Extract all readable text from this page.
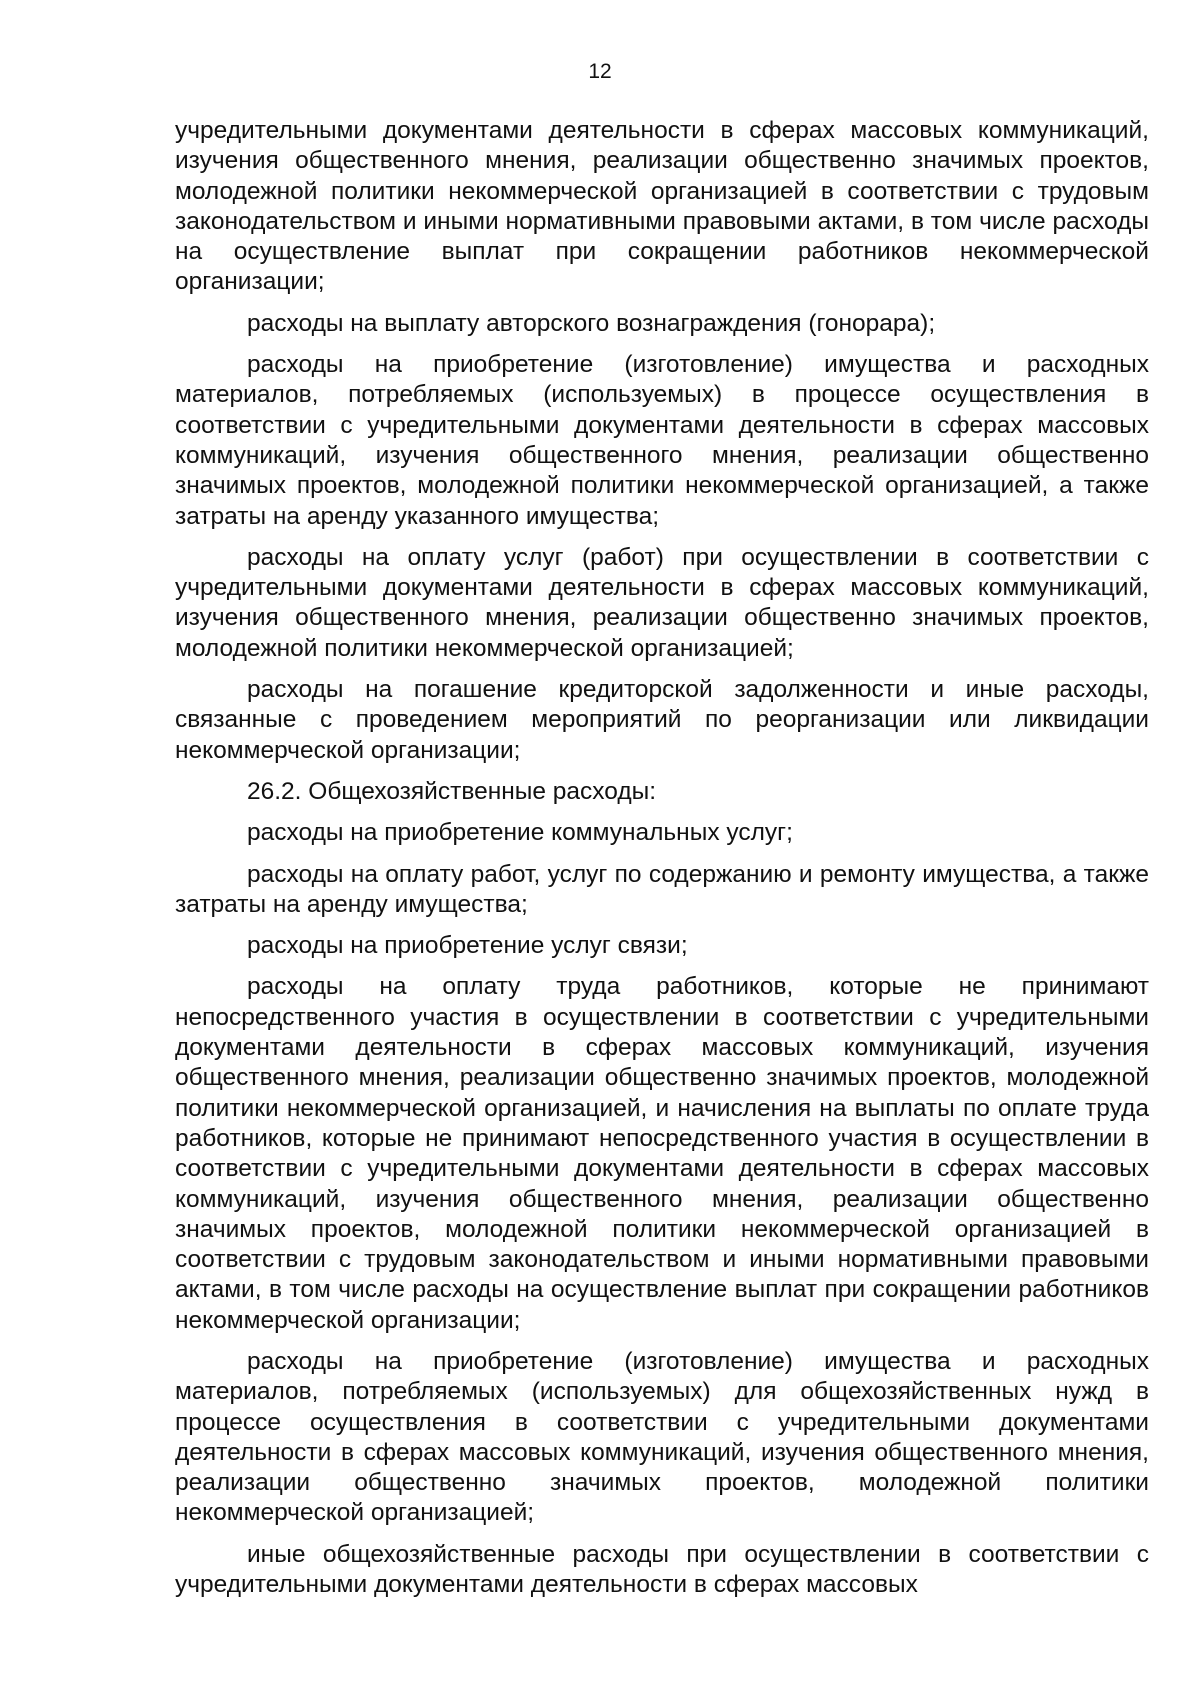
12

учредительными документами деятельности в сферах массовых коммуникаций, изучения общественного мнения, реализации общественно значимых проектов, молодежной политики некоммерческой организацией в соответствии с трудовым законодательством и иными нормативными правовыми актами, в том числе расходы на осуществление выплат при сокращении работников некоммерческой организации;

расходы на выплату авторского вознаграждения (гонорара);

расходы на приобретение (изготовление) имущества и расходных материалов, потребляемых (используемых) в процессе осуществления в соответствии с учредительными документами деятельности в сферах массовых коммуникаций, изучения общественного мнения, реализации общественно значимых проектов, молодежной политики некоммерческой организацией, а также затраты на аренду указанного имущества;

расходы на оплату услуг (работ) при осуществлении в соответствии с учредительными документами деятельности в сферах массовых коммуникаций, изучения общественного мнения, реализации общественно значимых проектов, молодежной политики некоммерческой организацией;

расходы на погашение кредиторской задолженности и иные расходы, связанные с проведением мероприятий по реорганизации или ликвидации некоммерческой организации;

26.2. Общехозяйственные расходы:

расходы на приобретение коммунальных услуг;

расходы на оплату работ, услуг по содержанию и ремонту имущества, а также затраты на аренду имущества;

расходы на приобретение услуг связи;

расходы на оплату труда работников, которые не принимают непосредственного участия в осуществлении в соответствии с учредительными документами деятельности в сферах массовых коммуникаций, изучения общественного мнения, реализации общественно значимых проектов, молодежной политики некоммерческой организацией, и начисления на выплаты по оплате труда работников, которые не принимают непосредственного участия в осуществлении в соответствии с учредительными документами деятельности в сферах массовых коммуникаций, изучения общественного мнения, реализации общественно значимых проектов, молодежной политики некоммерческой организацией в соответствии с трудовым законодательством и иными нормативными правовыми актами, в том числе расходы на осуществление выплат при сокращении работников некоммерческой организации;

расходы на приобретение (изготовление) имущества и расходных материалов, потребляемых (используемых) для общехозяйственных нужд в процессе осуществления в соответствии с учредительными документами деятельности в сферах массовых коммуникаций, изучения общественного мнения, реализации общественно значимых проектов, молодежной политики некоммерческой организацией;

иные общехозяйственные расходы при осуществлении в соответствии с учредительными документами деятельности в сферах массовых
